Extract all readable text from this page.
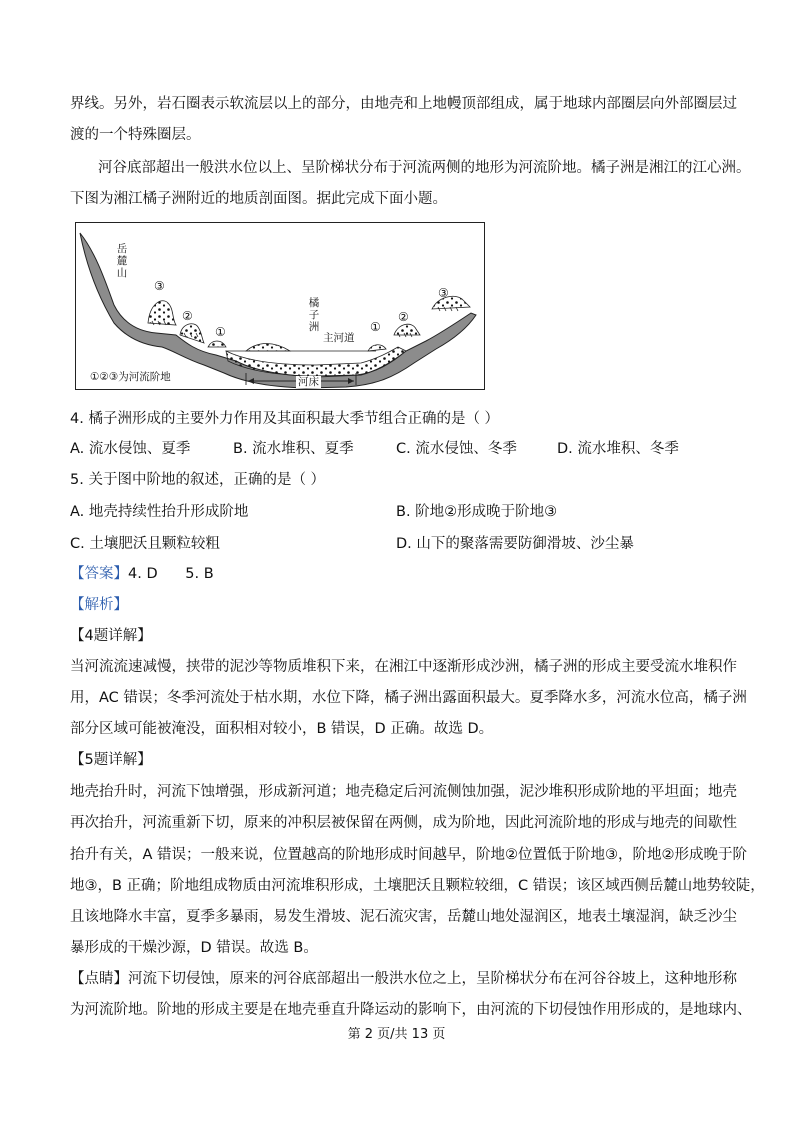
界线。另外，岩石圈表示软流层以上的部分，由地壳和上地幔顶部组成，属于地球内部圈层向外部圈层过

渡的一个特殊圈层。

河谷底部超出一般洪水位以上、呈阶梯状分布于河流两侧的地形为河流阶地。橘子洲是湘江的江心洲。

下图为湘江橘子洲附近的地质剖面图。据此完成下面小题。

岳麓山
橘子洲
主河道
河床
③
②
①	①
②
③
①②③为河流阶地

4. 橘子洲形成的主要外力作用及其面积最大季节组合正确的是（ ）

A. 流水侵蚀、夏季	B. 流水堆积、夏季	C. 流水侵蚀、冬季	D. 流水堆积、冬季

5. 关于图中阶地的叙述，正确的是（ ）

A. 地壳持续性抬升形成阶地	B. 阶地②形成晚于阶地③
C. 土壤肥沃且颗粒较粗	D. 山下的聚落需要防御滑坡、沙尘暴

【答案】4. D      5. B

【解析】

【4题详解】

当河流流速减慢，挟带的泥沙等物质堆积下来，在湘江中逐渐形成沙洲，橘子洲的形成主要受流水堆积作

用，AC 错误；冬季河流处于枯水期，水位下降，橘子洲出露面积最大。夏季降水多，河流水位高，橘子洲

部分区域可能被淹没，面积相对较小，B 错误，D 正确。故选 D。

【5题详解】

地壳抬升时，河流下蚀增强，形成新河道；地壳稳定后河流侧蚀加强，泥沙堆积形成阶地的平坦面；地壳

再次抬升，河流重新下切，原来的冲积层被保留在两侧，成为阶地，因此河流阶地的形成与地壳的间歇性

抬升有关，A 错误；一般来说，位置越高的阶地形成时间越早，阶地②位置低于阶地③，阶地②形成晚于阶

地③，B 正确；阶地组成物质由河流堆积形成，土壤肥沃且颗粒较细，C 错误；该区域西侧岳麓山地势较陡，

且该地降水丰富，夏季多暴雨，易发生滑坡、泥石流灾害，岳麓山地处湿润区，地表土壤湿润，缺乏沙尘

暴形成的干燥沙源，D 错误。故选 B。

【点睛】河流下切侵蚀，原来的河谷底部超出一般洪水位之上，呈阶梯状分布在河谷谷坡上，这种地形称

为河流阶地。阶地的形成主要是在地壳垂直升降运动的影响下，由河流的下切侵蚀作用形成的，是地球内、

第 2 页/共 13 页
